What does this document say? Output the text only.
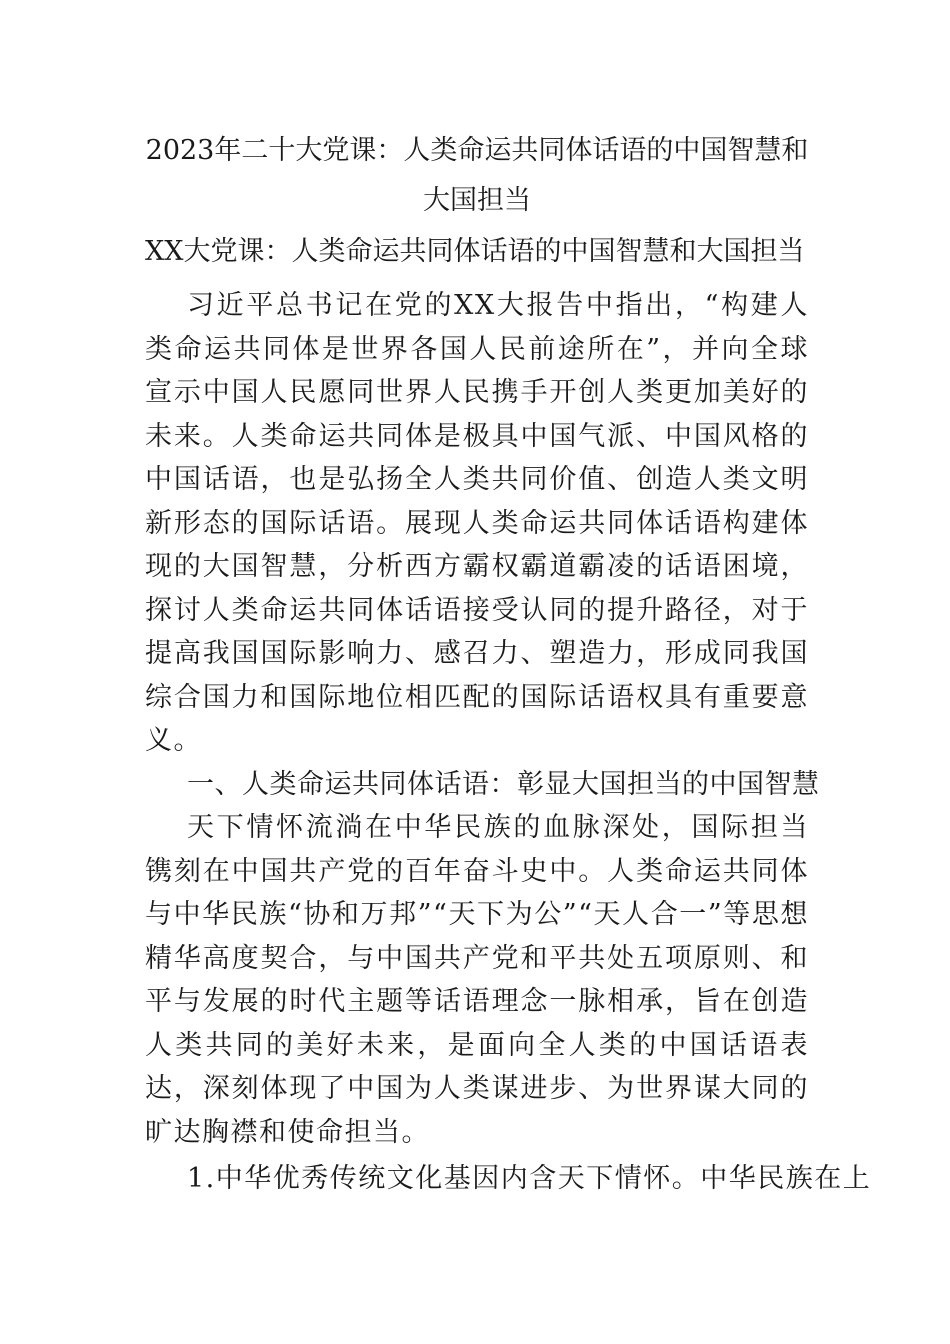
2023年二十大党课：人类命运共同体话语的中国智慧和大国担当

XX大党课：人类命运共同体话语的中国智慧和大国担当

习近平总书记在党的XX大报告中指出，“构建人类命运共同体是世界各国人民前途所在”，并向全球宣示中国人民愿同世界人民携手开创人类更加美好的未来。人类命运共同体是极具中国气派、中国风格的中国话语，也是弘扬全人类共同价值、创造人类文明新形态的国际话语。展现人类命运共同体话语构建体现的大国智慧，分析西方霸权霸道霸凌的话语困境，探讨人类命运共同体话语接受认同的提升路径，对于提高我国国际影响力、感召力、塑造力，形成同我国综合国力和国际地位相匹配的国际话语权具有重要意义。

一、人类命运共同体话语：彰显大国担当的中国智慧

天下情怀流淌在中华民族的血脉深处，国际担当镌刻在中国共产党的百年奋斗史中。人类命运共同体与中华民族“协和万邦”“天下为公”“天人合一”等思想精华高度契合，与中国共产党和平共处五项原则、和平与发展的时代主题等话语理念一脉相承，旨在创造人类共同的美好未来，是面向全人类的中国话语表达，深刻体现了中国为人类谋进步、为世界谋大同的旷达胸襟和使命担当。

1.中华优秀传统文化基因内含天下情怀。中华民族在上
